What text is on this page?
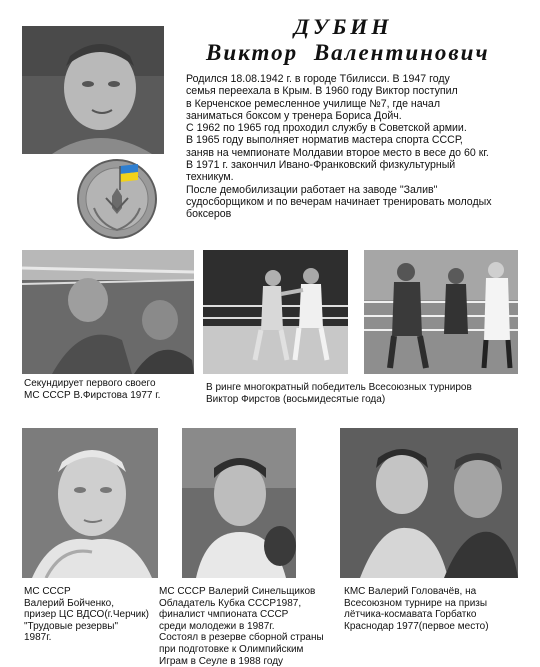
ДУБИН
Виктор Валентинович
Родился 18.08.1942 г. в городе Тбилисси. В 1947 году
семья переехала в Крым. В 1960 году Виктор поступил
в Керченское ремесленное училище №7, где начал
заниматься боксом у тренера Бориса Дойч.
С 1962 по 1965 год проходил службу в Советской армии.
В 1965 году выполняет норматив мастера спорта СССР,
заняв на чемпионате Молдавии второе место в весе до 60 кг.
В 1971 г. закончил Ивано-Франковский физкультурный
техникум.
После демобилизации работает на заводе "Залив"
судосборщиком и по вечерам начинает тренировать молодых
боксеров
Секундирует первого своего
МС СССР В.Фирстова 1977 г.
В ринге многократный победитель Всесоюзных турниров
Виктор Фирстов (восьмидесятые года)
МС СССР
Валерий Бойченко,
призер ЦС ВДСО(г.Черчик)
"Трудовые резервы"
1987г.
МС СССР Валерий Синельщиков
Обладатель Кубка СССР1987,
финалист чмпионата СССР
среди молодежи в 1987г.
Состоял в резерве сборной страны
при подготовке к Олимпийским
Играм в Сеуле в 1988 году
КМС Валерий Головачёв, на
Всесоюзном турнире на призы
лётчика-космавата Горбатко
Краснодар 1977(первое место)
